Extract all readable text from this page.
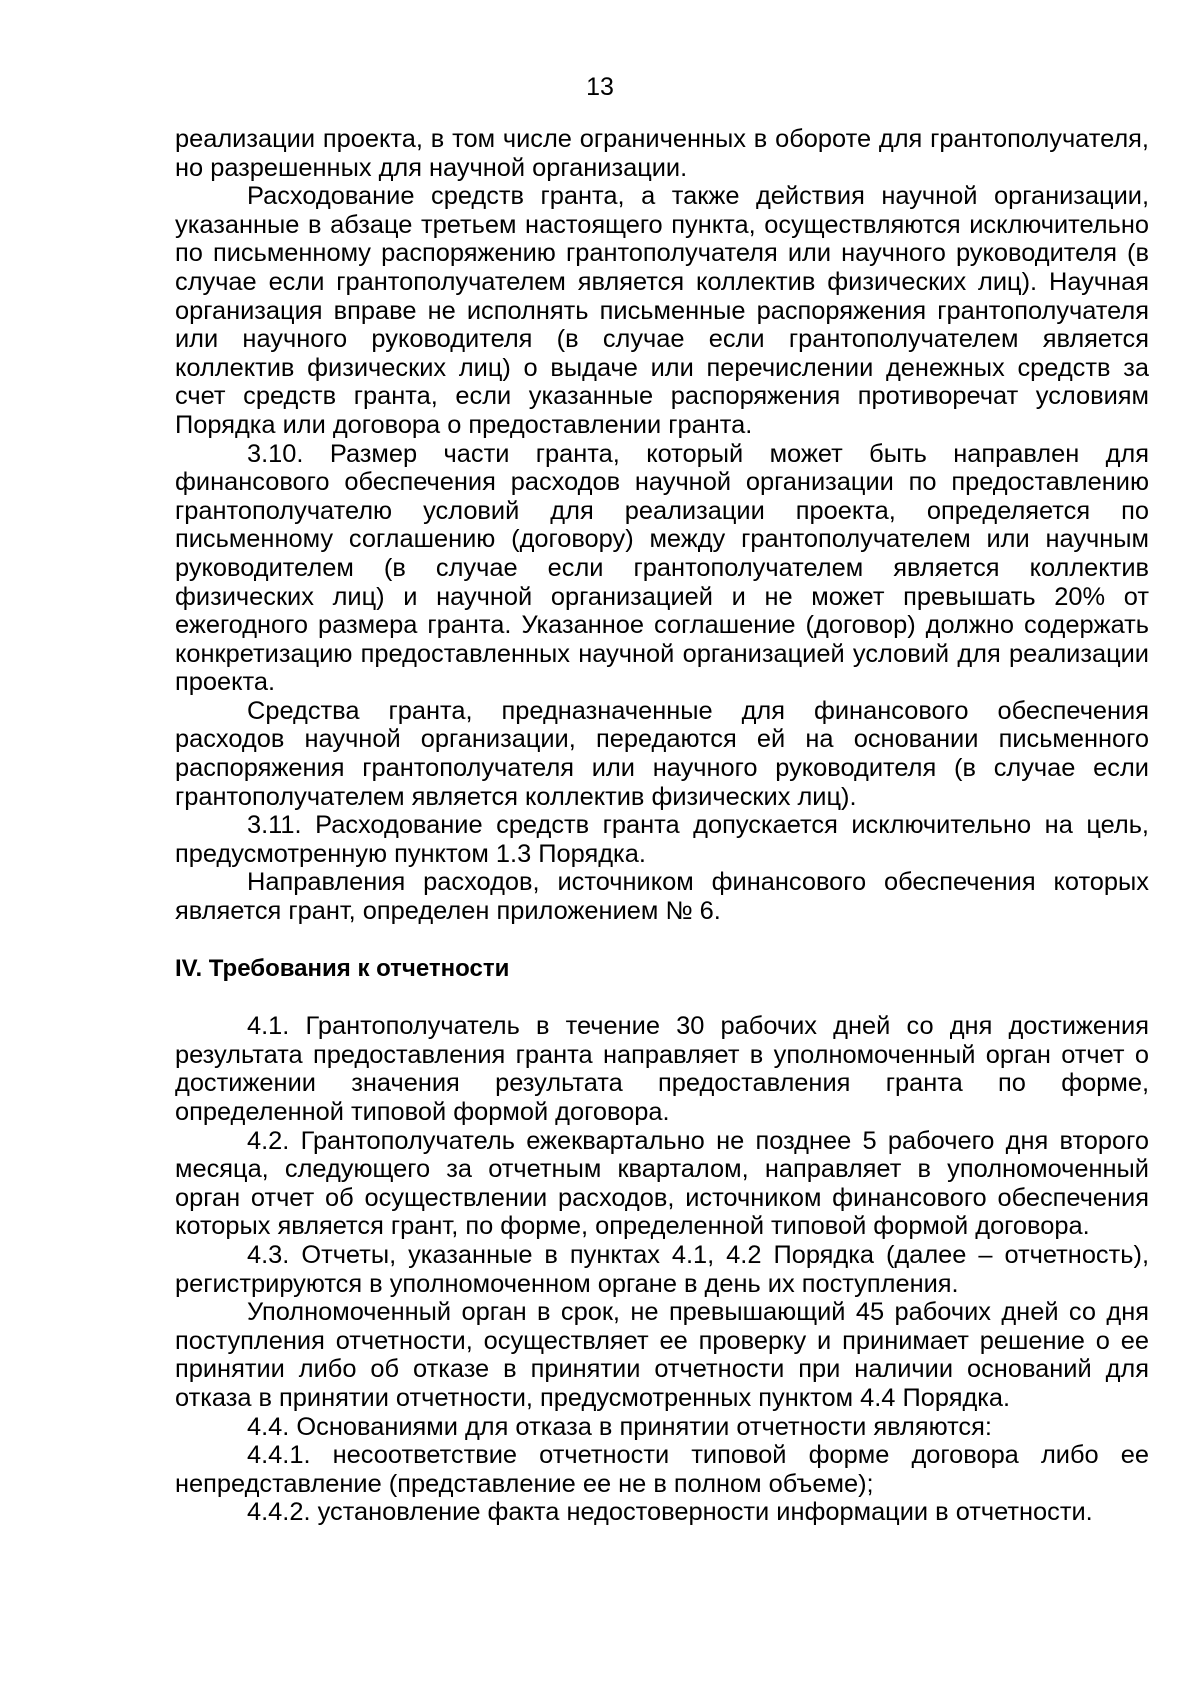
13

реализации проекта, в том числе ограниченных в обороте для грантополучателя, но разрешенных для научной организации.

Расходование средств гранта, а также действия научной организации, указанные в абзаце третьем настоящего пункта, осуществляются исключительно по письменному распоряжению грантополучателя или научного руководителя (в случае если грантополучателем является коллектив физических лиц). Научная организация вправе не исполнять письменные распоряжения грантополучателя или научного руководителя (в случае если грантополучателем является коллектив физических лиц) о выдаче или перечислении денежных средств за счет средств гранта, если указанные распоряжения противоречат условиям Порядка или договора о предоставлении гранта.

3.10. Размер части гранта, который может быть направлен для финансового обеспечения расходов научной организации по предоставлению грантополучателю условий для реализации проекта, определяется по письменному соглашению (договору) между грантополучателем или научным руководителем (в случае если грантополучателем является коллектив физических лиц) и научной организацией и не может превышать 20% от ежегодного размера гранта. Указанное соглашение (договор) должно содержать конкретизацию предоставленных научной организацией условий для реализации проекта.

Средства гранта, предназначенные для финансового обеспечения расходов научной организации, передаются ей на основании письменного распоряжения грантополучателя или научного руководителя (в случае если грантополучателем является коллектив физических лиц).

3.11. Расходование средств гранта допускается исключительно на цель, предусмотренную пунктом 1.3 Порядка.

Направления расходов, источником финансового обеспечения которых является грант, определен приложением № 6.

IV. Требования к отчетности

4.1. Грантополучатель в течение 30 рабочих дней со дня достижения результата предоставления гранта направляет в уполномоченный орган отчет о достижении значения результата предоставления гранта по форме, определенной типовой формой договора.

4.2. Грантополучатель ежеквартально не позднее 5 рабочего дня второго месяца, следующего за отчетным кварталом, направляет в уполномоченный орган отчет об осуществлении расходов, источником финансового обеспечения которых является грант, по форме, определенной типовой формой договора.

4.3. Отчеты, указанные в пунктах 4.1, 4.2 Порядка (далее – отчетность), регистрируются в уполномоченном органе в день их поступления.

Уполномоченный орган в срок, не превышающий 45 рабочих дней со дня поступления отчетности, осуществляет ее проверку и принимает решение о ее принятии либо об отказе в принятии отчетности при наличии оснований для отказа в принятии отчетности, предусмотренных пунктом 4.4 Порядка.

4.4. Основаниями для отказа в принятии отчетности являются:

4.4.1. несоответствие отчетности типовой форме договора либо ее непредставление (представление ее не в полном объеме);

4.4.2. установление факта недостоверности информации в отчетности.
